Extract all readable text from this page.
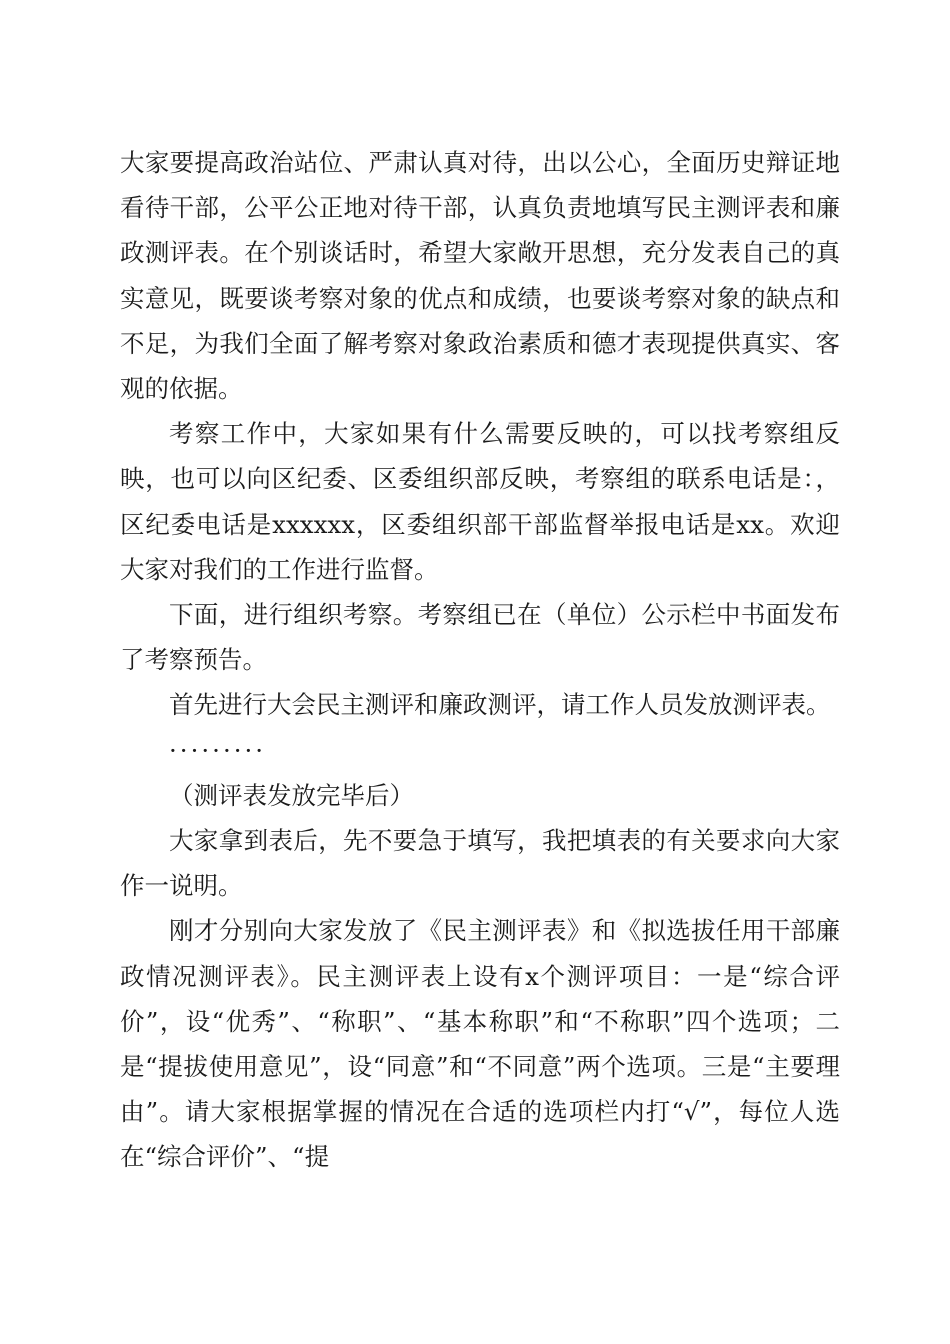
大家要提高政治站位、严肃认真对待，出以公心，全面历史辩证地看待干部，公平公正地对待干部，认真负责地填写民主测评表和廉政测评表。在个别谈话时，希望大家敞开思想，充分发表自己的真实意见，既要谈考察对象的优点和成绩，也要谈考察对象的缺点和不足，为我们全面了解考察对象政治素质和德才表现提供真实、客观的依据。

考察工作中，大家如果有什么需要反映的，可以找考察组反映，也可以向区纪委、区委组织部反映，考察组的联系电话是：，区纪委电话是xxxxxx，区委组织部干部监督举报电话是xx。欢迎大家对我们的工作进行监督。

下面，进行组织考察。考察组已在（单位）公示栏中书面发布了考察预告。

首先进行大会民主测评和廉政测评，请工作人员发放测评表。

·········

（测评表发放完毕后）

大家拿到表后，先不要急于填写，我把填表的有关要求向大家作一说明。

刚才分别向大家发放了《民主测评表》和《拟选拔任用干部廉政情况测评表》。民主测评表上设有x个测评项目：一是“综合评价”，设“优秀”、“称职”、“基本称职”和“不称职”四个选项；二是“提拔使用意见”，设“同意”和“不同意”两个选项。三是“主要理由”。请大家根据掌握的情况在合适的选项栏内打“√”，每位人选在“综合评价”、“提
